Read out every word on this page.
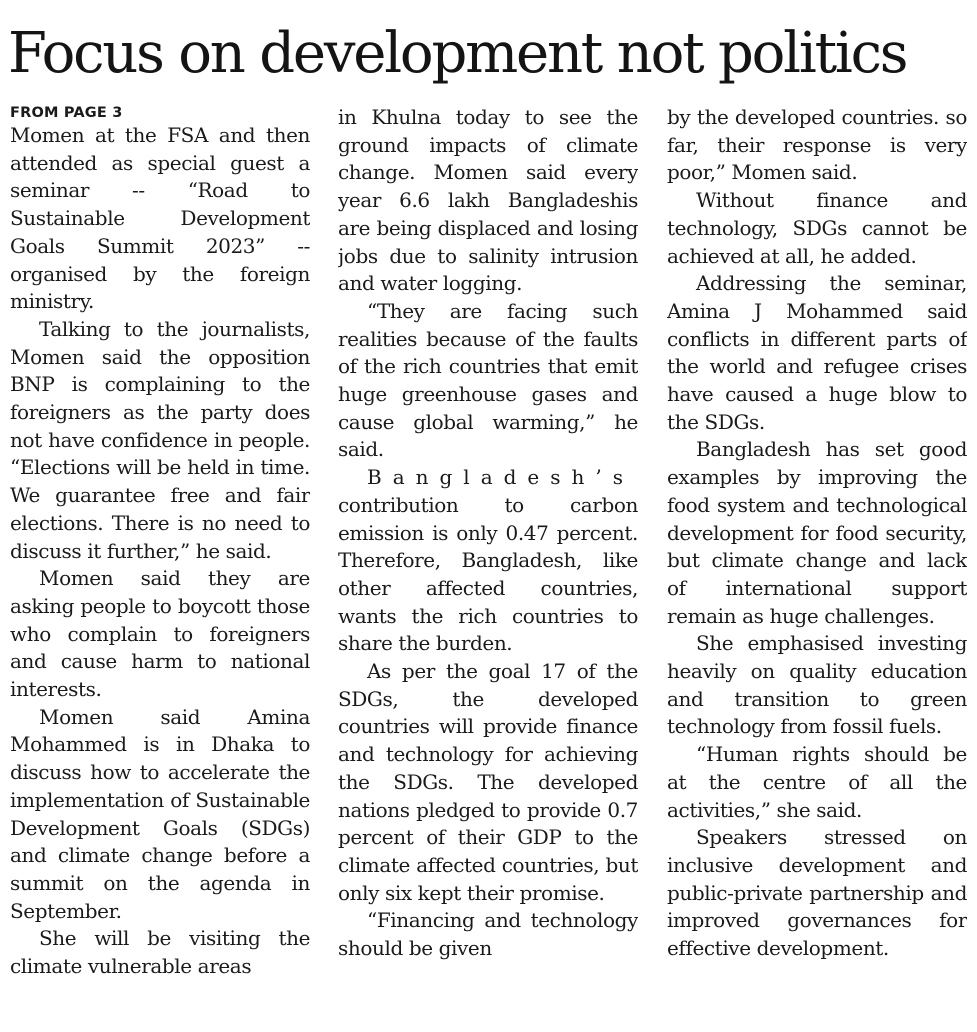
Focus on development not politics
FROM PAGE 3

Momen at the FSA and then attended as special guest a seminar -- “Road to Sustainable Development Goals Summit 2023” -- organised by the foreign ministry.

Talking to the journalists, Momen said the opposition BNP is complaining to the foreigners as the party does not have confidence in people. “Elections will be held in time. We guarantee free and fair elections. There is no need to discuss it further,” he said.

Momen said they are asking people to boycott those who complain to foreigners and cause harm to national interests.

Momen said Amina Mohammed is in Dhaka to discuss how to accelerate the implementation of Sustainable Development Goals (SDGs) and climate change before a summit on the agenda in September.

She will be visiting the climate vulnerable areas

in Khulna today to see the ground impacts of climate change. Momen said every year 6.6 lakh Bangladeshis are being displaced and losing jobs due to salinity intrusion and water logging.

“They are facing such realities because of the faults of the rich countries that emit huge greenhouse gases and cause global warming,” he said.

Bangladesh’s contribution to carbon emission is only 0.47 percent. Therefore, Bangladesh, like other affected countries, wants the rich countries to share the burden.

As per the goal 17 of the SDGs, the developed countries will provide finance and technology for achieving the SDGs. The developed nations pledged to provide 0.7 percent of their GDP to the climate affected countries, but only six kept their promise.

“Financing and technology should be given

by the developed countries. so far, their response is very poor,” Momen said.

Without finance and technology, SDGs cannot be achieved at all, he added.

Addressing the seminar, Amina J Mohammed said conflicts in different parts of the world and refugee crises have caused a huge blow to the SDGs.

Bangladesh has set good examples by improving the food system and technological development for food security, but climate change and lack of international support remain as huge challenges.

She emphasised investing heavily on quality education and transition to green technology from fossil fuels.

“Human rights should be at the centre of all the activities,” she said.

Speakers stressed on inclusive development and public-private partnership and improved governances for effective development.
